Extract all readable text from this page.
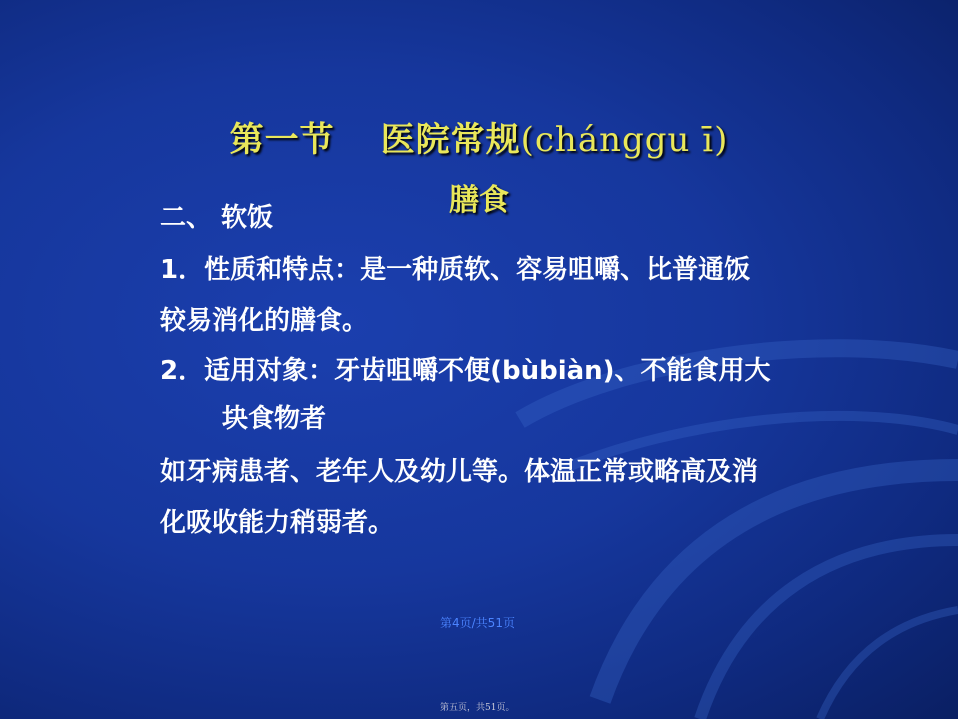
第一节 医院常规(chánggu ī)
膳食
二、 软饭
1．性质和特点：是一种质软、容易咀嚼、比普通饭
较易消化的膳食。
2．适用对象：牙齿咀嚼不便(bùbiàn)、不能食用大
块食物者
如牙病患者、老年人及幼儿等。体温正常或略高及消
化吸收能力稍弱者。
第4页/共51页
第五页，共51页。
